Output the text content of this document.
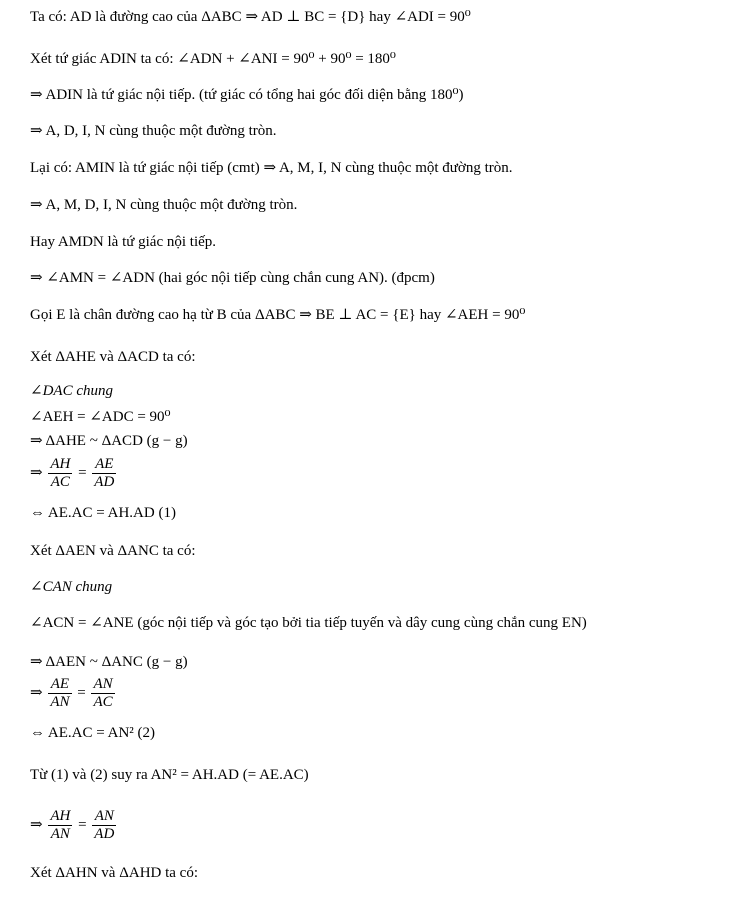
Ta có: AD là đường cao của ΔABC ⇒ AD ⊥ BC = {D} hay ∠ADI = 90⁰
Xét tứ giác ADIN ta có: ∠ADN + ∠ANI = 90⁰ + 90⁰ = 180⁰
⇒ ADIN là tứ giác nội tiếp. (tứ giác có tổng hai góc đối diện bằng 180⁰)
⇒ A, D, I, N cùng thuộc một đường tròn.
Lại có: AMIN là tứ giác nội tiếp (cmt) ⇒ A, M, I, N cùng thuộc một đường tròn.
⇒ A, M, D, I, N cùng thuộc một đường tròn.
Hay AMDN là tứ giác nội tiếp.
⇒ ∠AMN = ∠ADN (hai góc nội tiếp cùng chắn cung AN). (đpcm)
Gọi E là chân đường cao hạ từ B của ΔABC ⇒ BE ⊥ AC = {E} hay ∠AEH = 90⁰
Xét ΔAHE và ΔACD ta có:
∠DAC chung
∠AEH = ∠ADC = 90⁰
⇒ ΔAHE ~ ΔACD (g − g)
⇒ $\frac{AH}{AC} = \frac{AE}{AD}$
⇔ AE.AC = AH.AD (1)
Xét ΔAEN và ΔANC ta có:
∠CAN chung
∠ACN = ∠ANE (góc nội tiếp và góc tạo bởi tia tiếp tuyến và dây cung cùng chắn cung EN)
⇒ ΔAEN ~ ΔANC (g − g)
⇒ $\frac{AE}{AN} = \frac{AN}{AC}$
⇔ AE.AC = AN² (2)
Từ (1) và (2) suy ra AN² = AH.AD (= AE.AC)
⇒ $\frac{AH}{AN} = \frac{AN}{AD}$
Xét ΔAHN và ΔAHD ta có:
